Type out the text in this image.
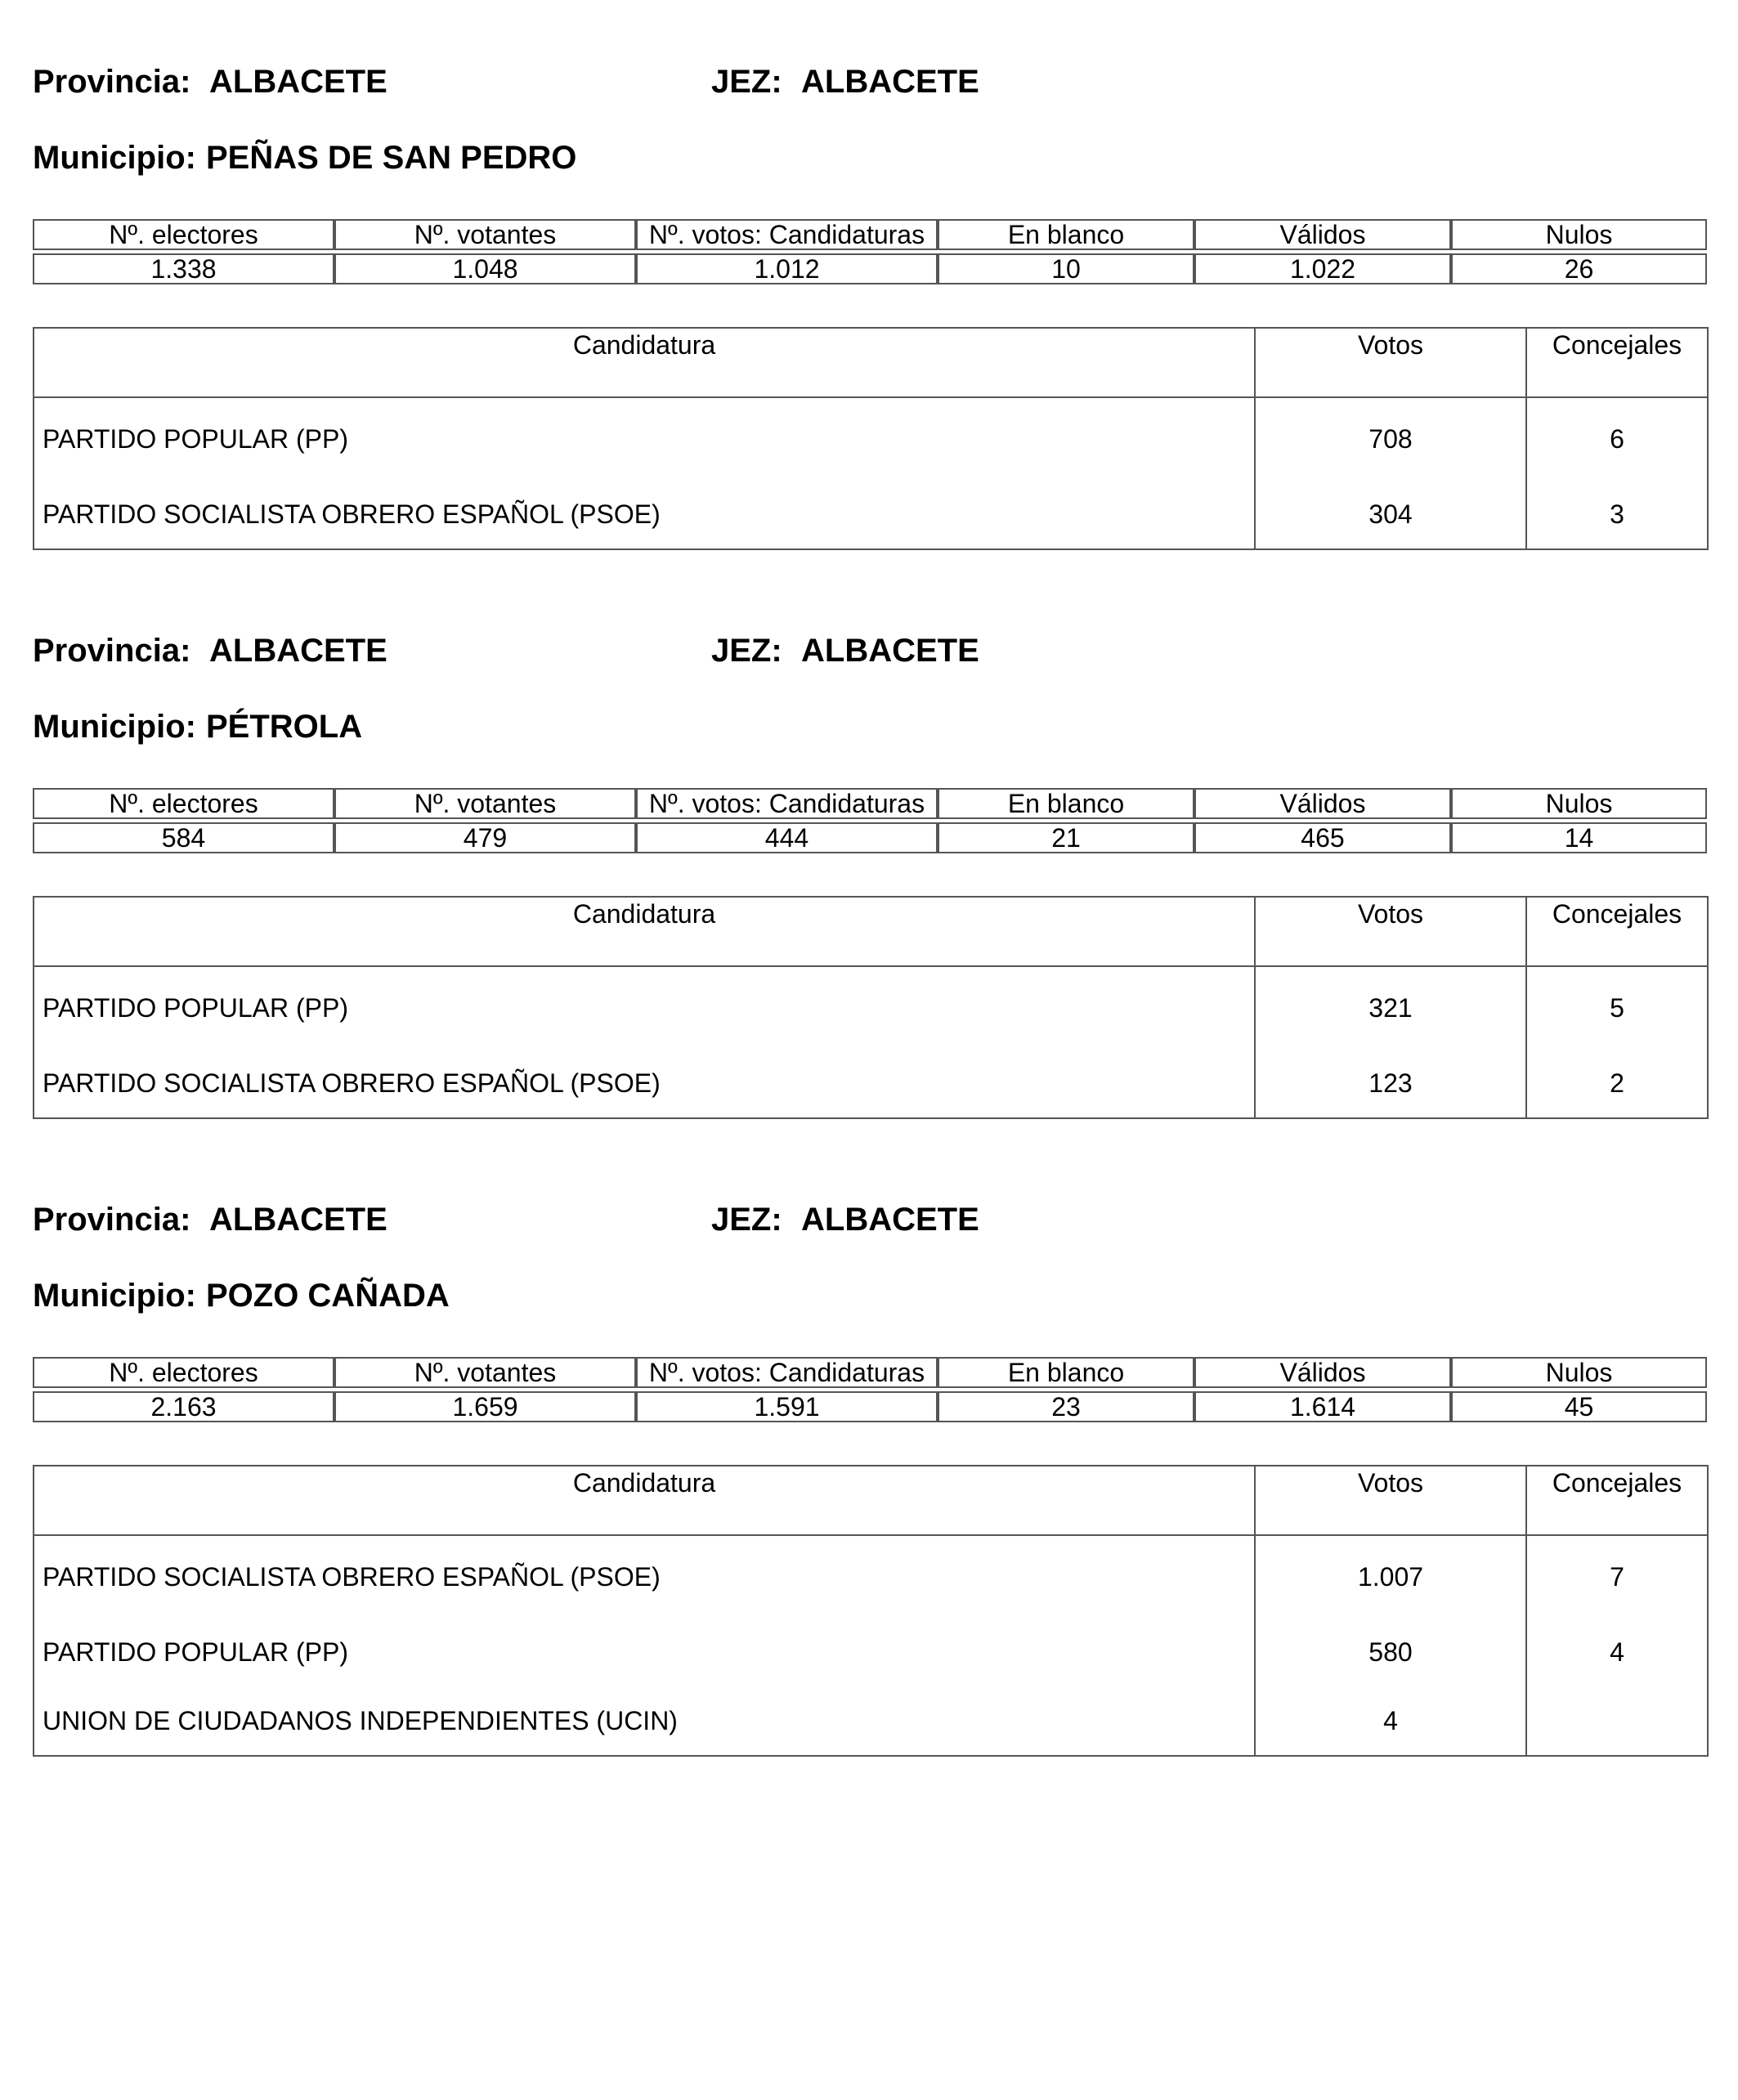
Provincia: ALBACETE	JEZ: ALBACETE
Municipio: PEÑAS DE SAN PEDRO
Nº. electores	Nº. votantes	Nº. votos: Candidaturas	En blanco	Válidos	Nulos

1.338	1.048	1.012	10	1.022	26
Candidatura	Votos	Concejales
PARTIDO POPULAR (PP)	708	6
PARTIDO SOCIALISTA OBRERO ESPAÑOL (PSOE)	304	3
Provincia: ALBACETE	JEZ: ALBACETE
Municipio: PÉTROLA
Nº. electores	Nº. votantes	Nº. votos: Candidaturas	En blanco	Válidos	Nulos

584	479	444	21	465	14
Candidatura	Votos	Concejales
PARTIDO POPULAR (PP)	321	5
PARTIDO SOCIALISTA OBRERO ESPAÑOL (PSOE)	123	2
Provincia: ALBACETE	JEZ: ALBACETE
Municipio: POZO CAÑADA
Nº. electores	Nº. votantes	Nº. votos: Candidaturas	En blanco	Válidos	Nulos

2.163	1.659	1.591	23	1.614	45
Candidatura	Votos	Concejales
PARTIDO SOCIALISTA OBRERO ESPAÑOL (PSOE)	1.007	7
PARTIDO POPULAR (PP)	580	4
UNION DE CIUDADANOS INDEPENDIENTES (UCIN)	4	
